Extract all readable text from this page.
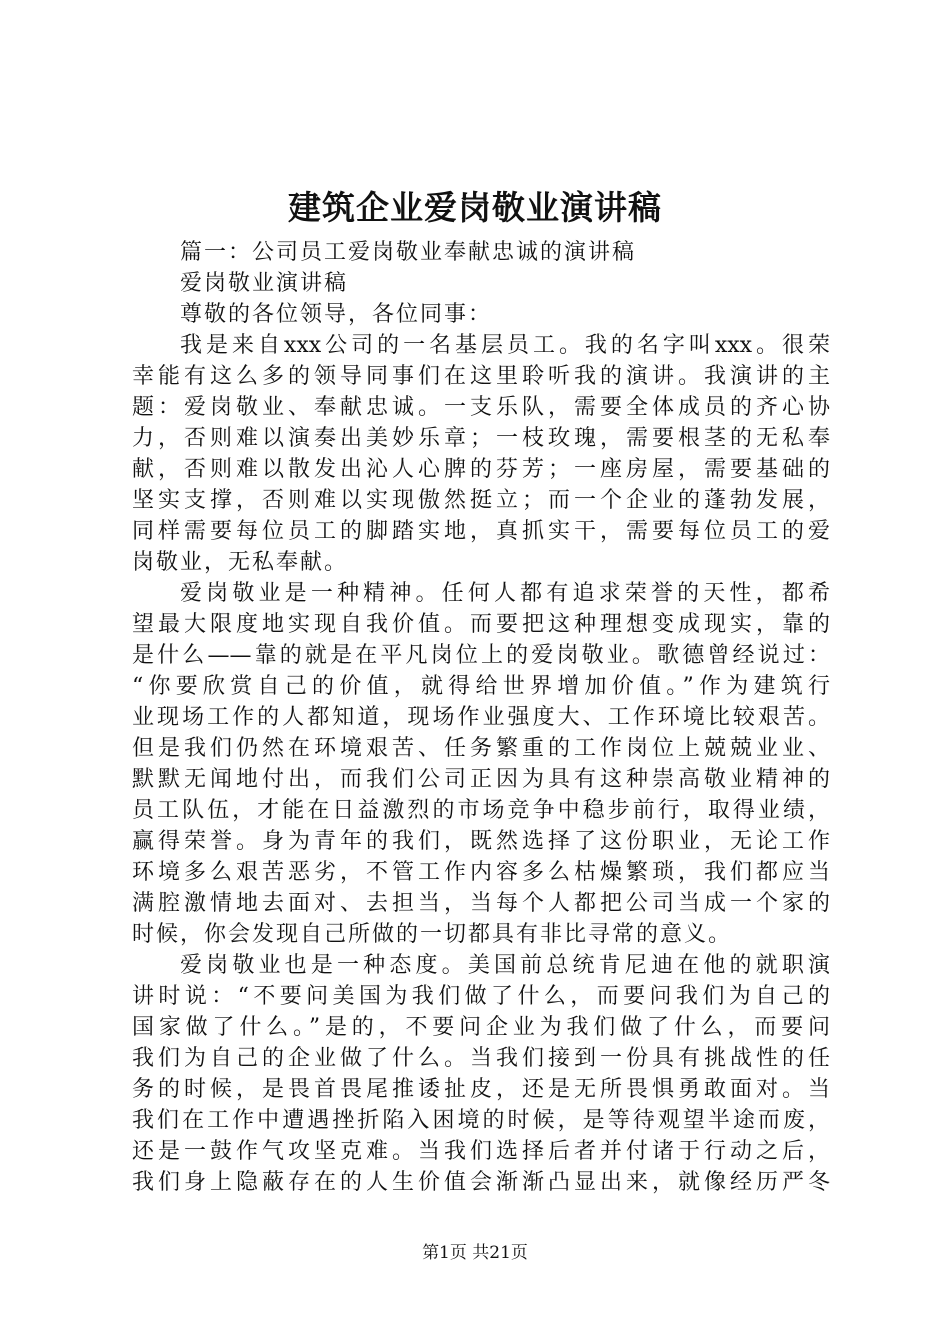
建筑企业爱岗敬业演讲稿
篇一：公司员工爱岗敬业奉献忠诚的演讲稿
爱岗敬业演讲稿
尊敬的各位领导，各位同事：
我是来自xxx公司的一名基层员工。我的名字叫xxx。很荣
幸能有这么多的领导同事们在这里聆听我的演讲。我演讲的主
题：爱岗敬业、奉献忠诚。一支乐队，需要全体成员的齐心协
力，否则难以演奏出美妙乐章；一枝玫瑰，需要根茎的无私奉
献，否则难以散发出沁人心脾的芬芳；一座房屋，需要基础的
坚实支撑，否则难以实现傲然挺立；而一个企业的蓬勃发展，
同样需要每位员工的脚踏实地，真抓实干，需要每位员工的爱
岗敬业，无私奉献。
爱岗敬业是一种精神。任何人都有追求荣誉的天性，都希
望最大限度地实现自我价值。而要把这种理想变成现实，靠的
是什么——靠的就是在平凡岗位上的爱岗敬业。歌德曾经说过：
“你要欣赏自己的价值，就得给世界增加价值。”作为建筑行
业现场工作的人都知道，现场作业强度大、工作环境比较艰苦。
但是我们仍然在环境艰苦、任务繁重的工作岗位上兢兢业业、
默默无闻地付出，而我们公司正因为具有这种崇高敬业精神的
员工队伍，才能在日益激烈的市场竞争中稳步前行，取得业绩，
赢得荣誉。身为青年的我们，既然选择了这份职业，无论工作
环境多么艰苦恶劣，不管工作内容多么枯燥繁琐，我们都应当
满腔激情地去面对、去担当，当每个人都把公司当成一个家的
时候，你会发现自己所做的一切都具有非比寻常的意义。
爱岗敬业也是一种态度。美国前总统肯尼迪在他的就职演
讲时说：“不要问美国为我们做了什么，而要问我们为自己的
国家做了什么。”是的，不要问企业为我们做了什么，而要问
我们为自己的企业做了什么。当我们接到一份具有挑战性的任
务的时候，是畏首畏尾推诿扯皮，还是无所畏惧勇敢面对。当
我们在工作中遭遇挫折陷入困境的时候，是等待观望半途而废，
还是一鼓作气攻坚克难。当我们选择后者并付诸于行动之后，
我们身上隐蔽存在的人生价值会渐渐凸显出来，就像经历严冬
第1页 共21页
